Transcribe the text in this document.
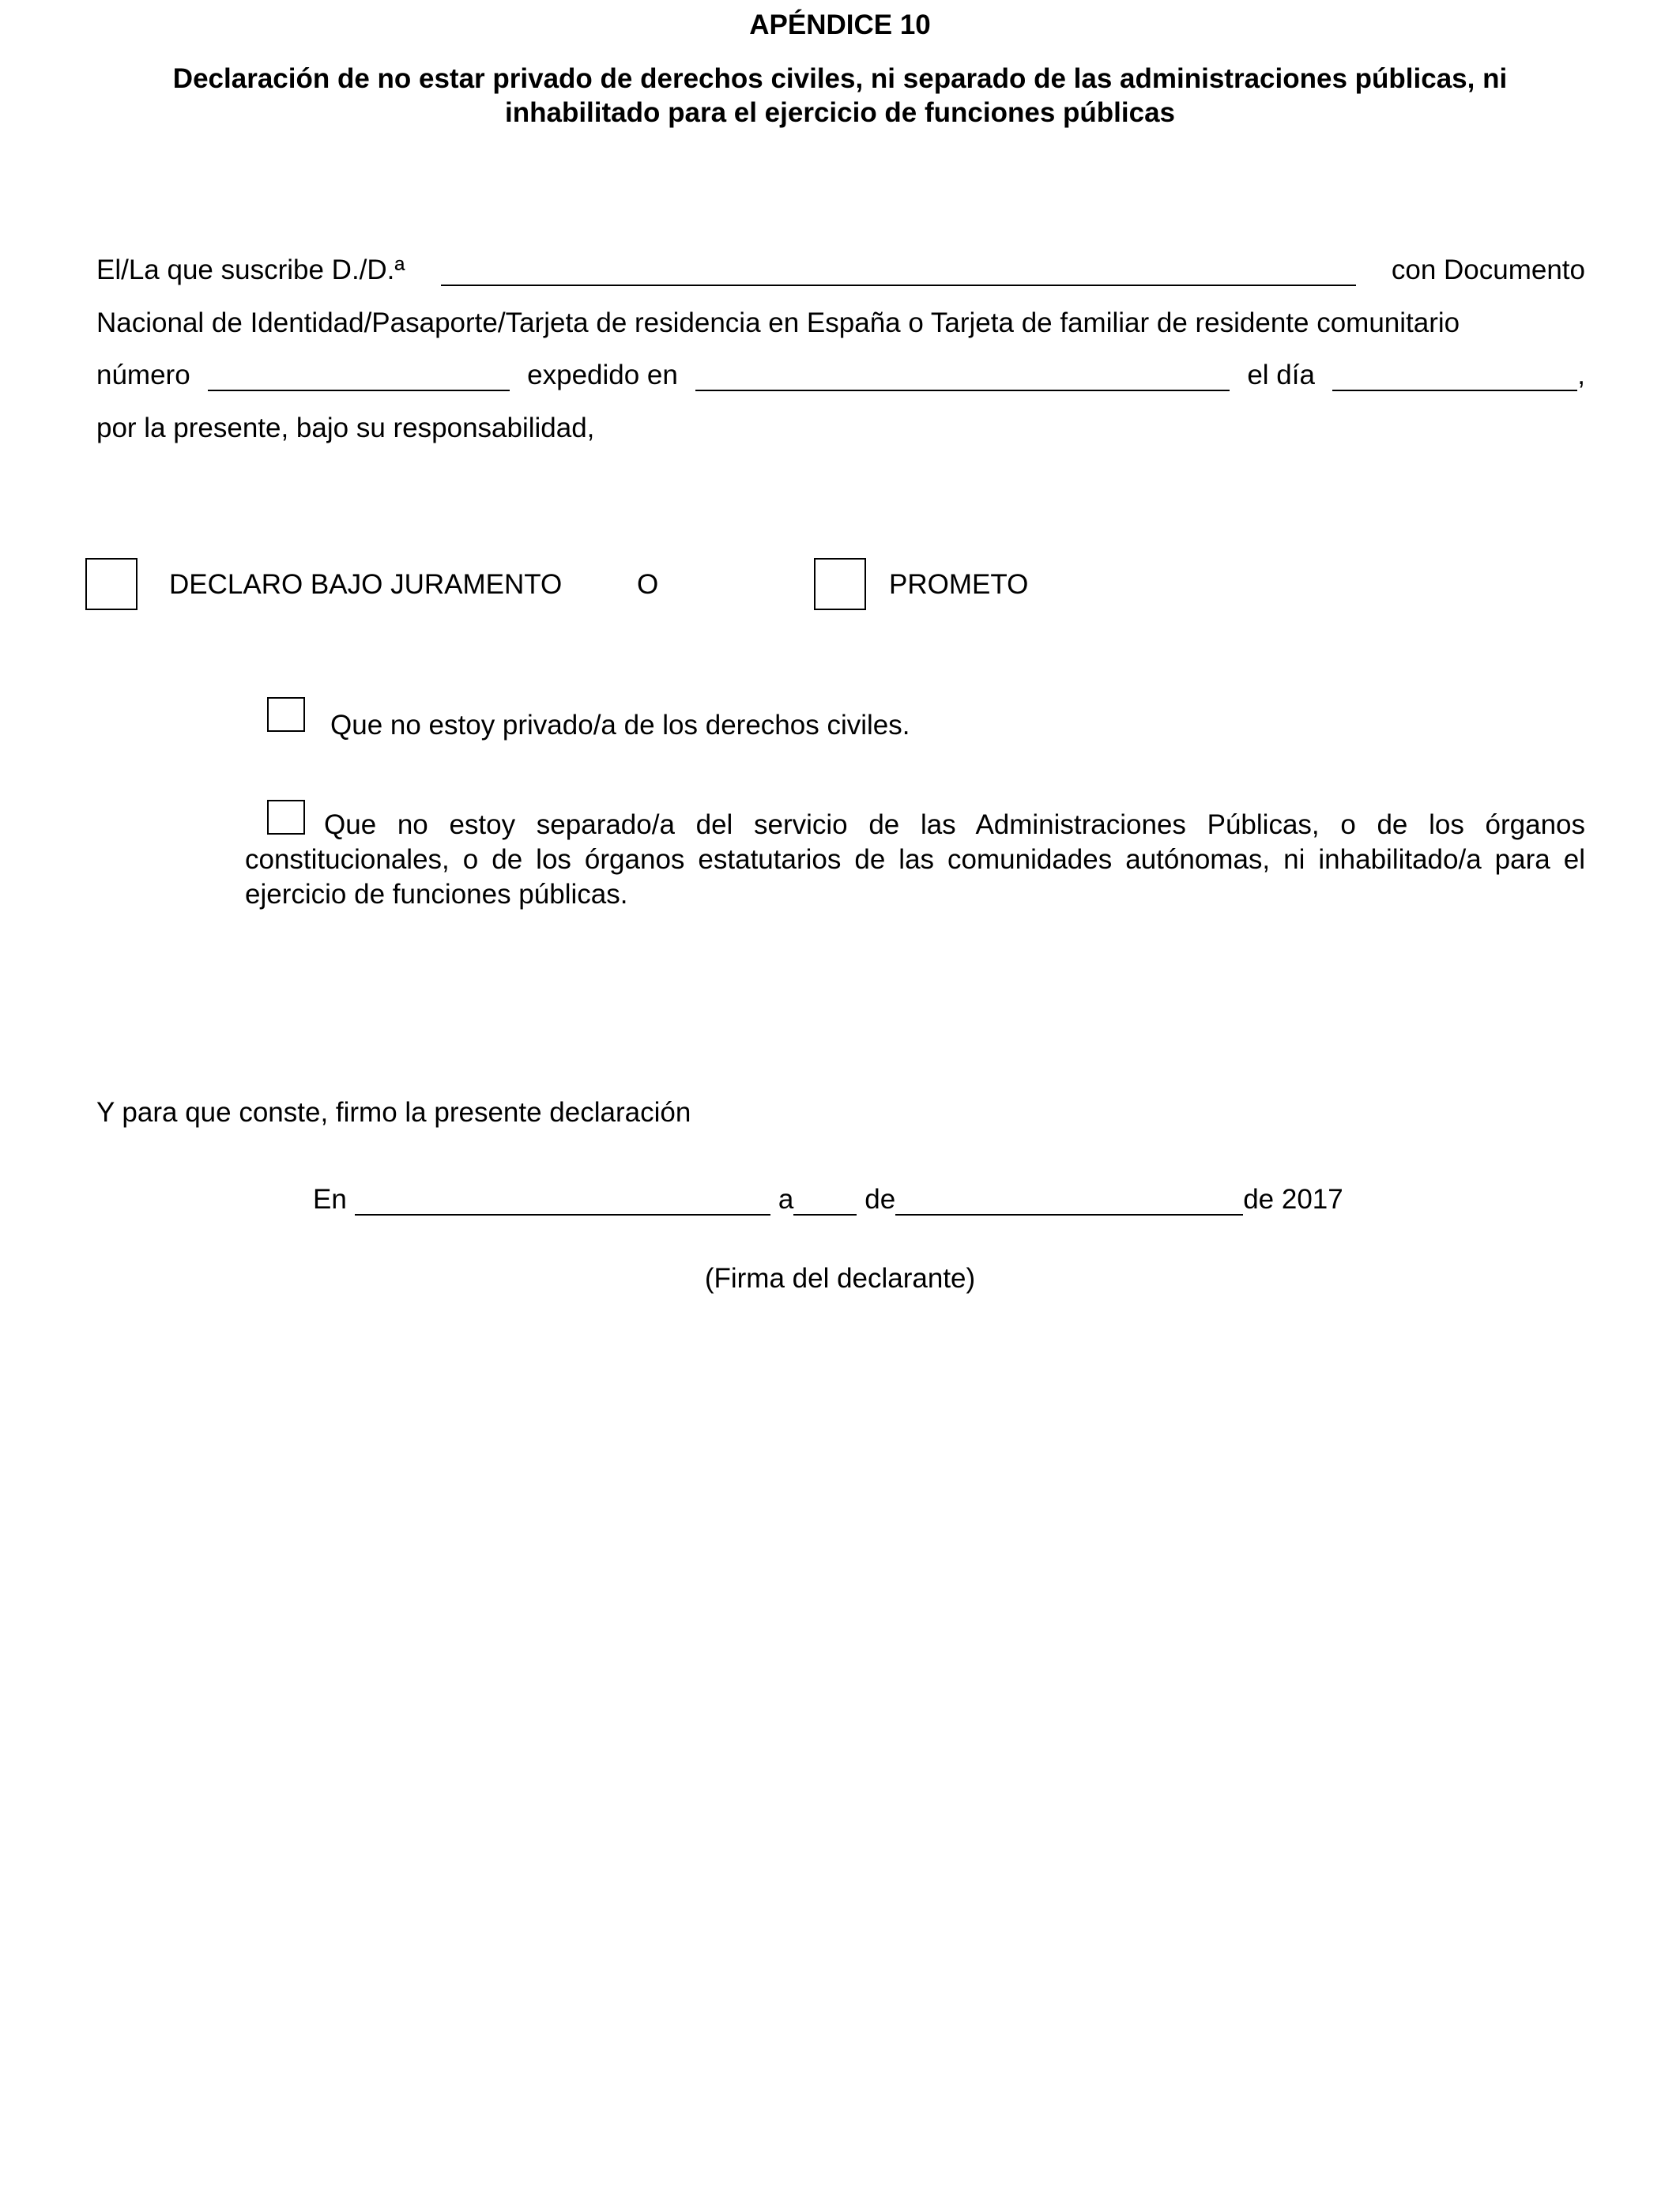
APÉNDICE 10
Declaración de no estar privado de derechos civiles, ni separado de las administraciones públicas, ni inhabilitado para el ejercicio de funciones públicas
El/La que suscribe D./D.ª	con Documento
Nacional de Identidad/Pasaporte/Tarjeta de residencia en España o Tarjeta de familiar de residente comunitario
número	expedido en	el día	,
por la presente, bajo su responsabilidad,
DECLARO BAJO JURAMENTO	O	PROMETO
Que no estoy privado/a de los derechos civiles.
Que no estoy separado/a del servicio de las Administraciones Públicas, o de los órganos constitucionales, o de los órganos estatutarios de las comunidades autónomas, ni inhabilitado/a para el ejercicio de funciones públicas.
Y para que conste, firmo la presente declaración
En	a	de	de 2017
(Firma del declarante)
